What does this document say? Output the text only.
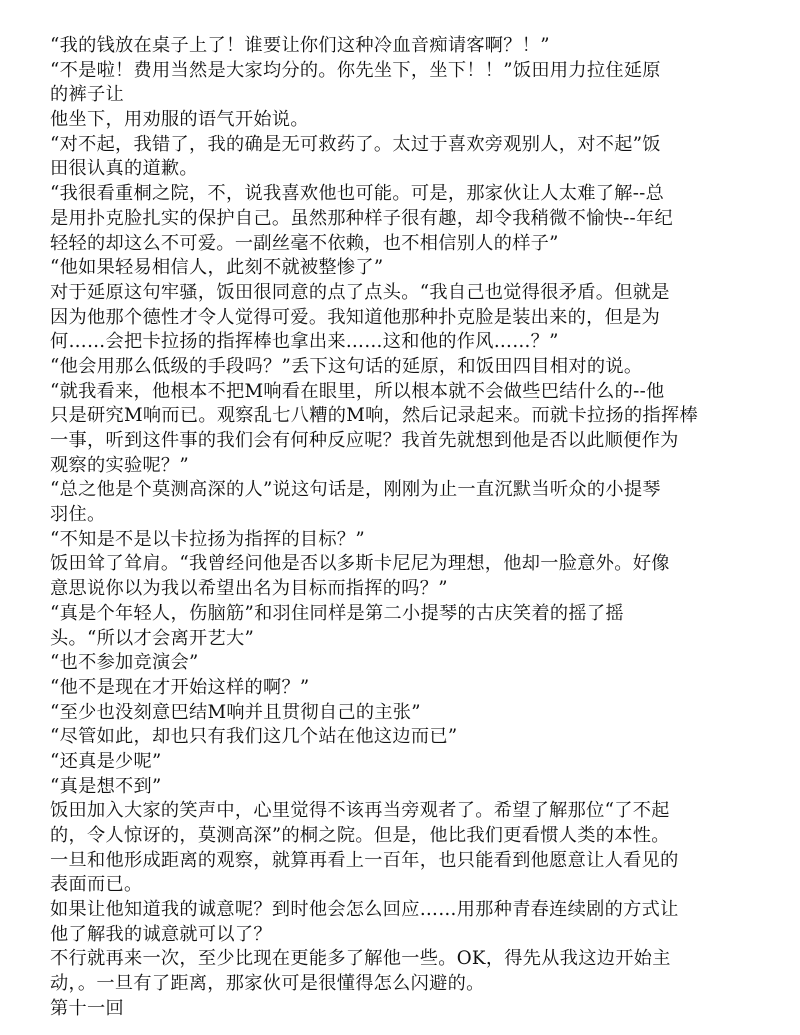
“我的钱放在桌子上了！谁要让你们这种冷血音痴请客啊？！”
“不是啦！费用当然是大家均分的。你先坐下，坐下！！”饭田用力拉住延原
的裤子让
他坐下，用劝服的语气开始说。
“对不起，我错了，我的确是无可救药了。太过于喜欢旁观别人，对不起”饭
田很认真的道歉。
“我很看重桐之院，不，说我喜欢他也可能。可是，那家伙让人太难了解--总
是用扑克脸扎实的保护自己。虽然那种样子很有趣，却令我稍微不愉快--年纪
轻轻的却这么不可爱。一副丝毫不依赖，也不相信别人的样子”
“他如果轻易相信人，此刻不就被整惨了”
对于延原这句牢骚，饭田很同意的点了点头。“我自己也觉得很矛盾。但就是
因为他那个德性才令人觉得可爱。我知道他那种扑克脸是装出来的，但是为
何……会把卡拉扬的指挥棒也拿出来……这和他的作风……？”
“他会用那么低级的手段吗？”丢下这句话的延原，和饭田四目相对的说。
“就我看来，他根本不把M响看在眼里，所以根本就不会做些巴结什么的--他
只是研究M响而已。观察乱七八糟的M响，然后记录起来。而就卡拉扬的指挥棒
一事，听到这件事的我们会有何种反应呢？我首先就想到他是否以此顺便作为
观察的实验呢？”
“总之他是个莫测高深的人”说这句话是，刚刚为止一直沉默当听众的小提琴
羽住。
“不知是不是以卡拉扬为指挥的目标？”
饭田耸了耸肩。“我曾经问他是否以多斯卡尼尼为理想，他却一脸意外。好像
意思说你以为我以希望出名为目标而指挥的吗？”
“真是个年轻人，伤脑筋”和羽住同样是第二小提琴的古庆笑着的摇了摇
头。“所以才会离开艺大”
“也不参加竞演会”
“他不是现在才开始这样的啊？”
“至少也没刻意巴结M响并且贯彻自己的主张”
“尽管如此，却也只有我们这几个站在他这边而已”
“还真是少呢”
“真是想不到”
饭田加入大家的笑声中，心里觉得不该再当旁观者了。希望了解那位“了不起
的，令人惊讶的，莫测高深”的桐之院。但是，他比我们更看惯人类的本性。
一旦和他形成距离的观察，就算再看上一百年，也只能看到他愿意让人看见的
表面而已。
如果让他知道我的诚意呢？到时他会怎么回应……用那种青春连续剧的方式让
他了解我的诚意就可以了？
不行就再来一次，至少比现在更能多了解他一些。OK，得先从我这边开始主
动，。一旦有了距离，那家伙可是很懂得怎么闪避的。
第十一回
